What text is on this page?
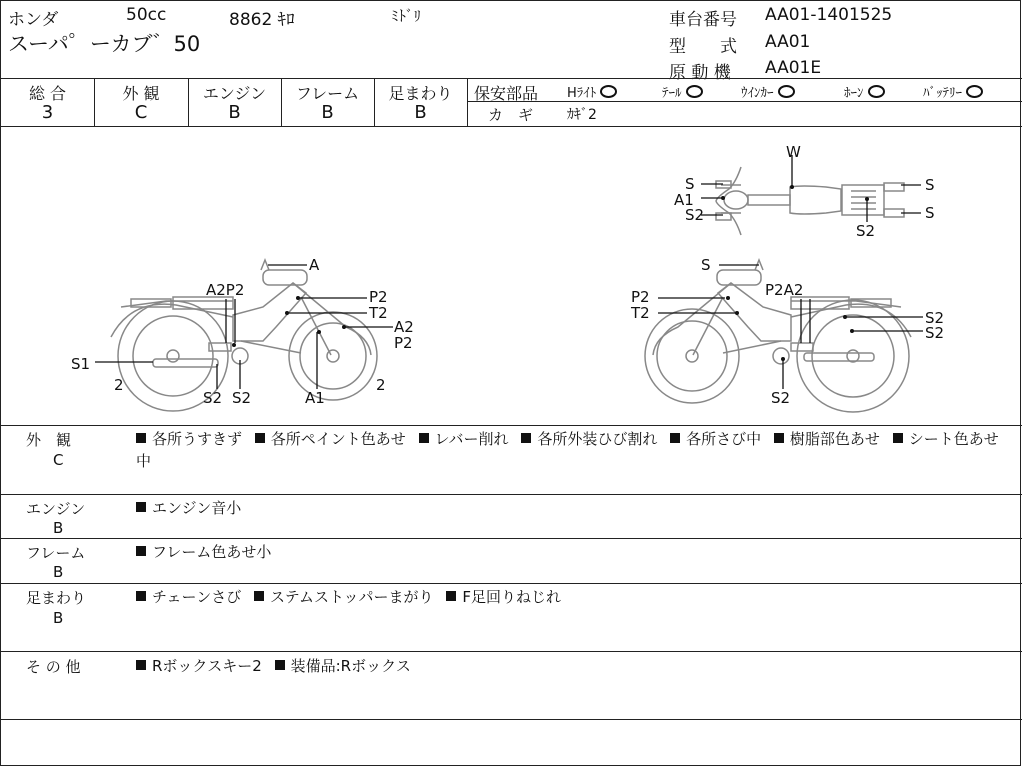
ホンダ	50cc	8862 ｷﾛ	ﾐﾄﾞﾘ
スーパ゜ーカブ゛50
車台番号 AA01-1401525
型　　式 AA01
原 動 機 AA01E
総 合
3
外 観
C
エンジン
B
フレーム
B
足まわり
B
保安部品 Hﾗｲﾄ	ﾃｰﾙ	ｳｲﾝｶｰ	ﾎｰﾝ	ﾊﾞｯﾃﾘｰ
カ　ギ ｶｷﾞ2
A
A2P2	P2
T2
A2
P2
S1
2	2
S2 S2	A1
S
P2	P2A2
T2	S2
S2
S2
W
S
A1
S2
S
S
S2
外　観
C
各所うすきず 各所ペイント色あせ レバー削れ 各所外装ひび割れ 各所さび中 樹脂部色あせ シート色あせ中
エンジン
B
エンジン音小
フレーム
B
フレーム色あせ小
足まわり
B
チェーンさび ステムストッパーまがり F足回りねじれ
そ の 他	Rボックスキー2 装備品:Rボックス
